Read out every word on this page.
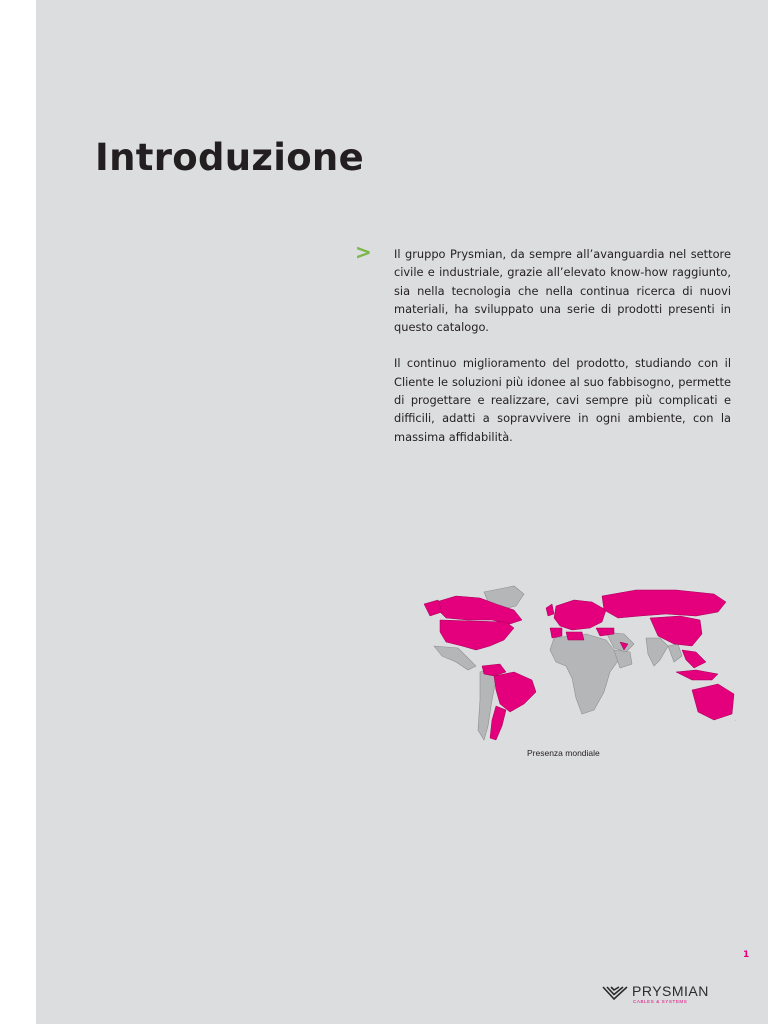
Introduzione
> Il gruppo Prysmian, da sempre all’avanguardia nel settore civile e industriale, grazie all’elevato know-how raggiunto, sia nella tecnologia che nella continua ricerca di nuovi materiali, ha sviluppato una serie di prodotti presenti in questo catalogo.

Il continuo miglioramento del prodotto, studiando con il Cliente le soluzioni più idonee al suo fabbisogno, permette di progettare e realizzare, cavi sempre più complicati e difficili, adatti a sopravvivere in ogni ambiente, con la massima affidabilità.

Presenza mondiale
1
PRYSMIAN
CABLES & SYSTEMS
